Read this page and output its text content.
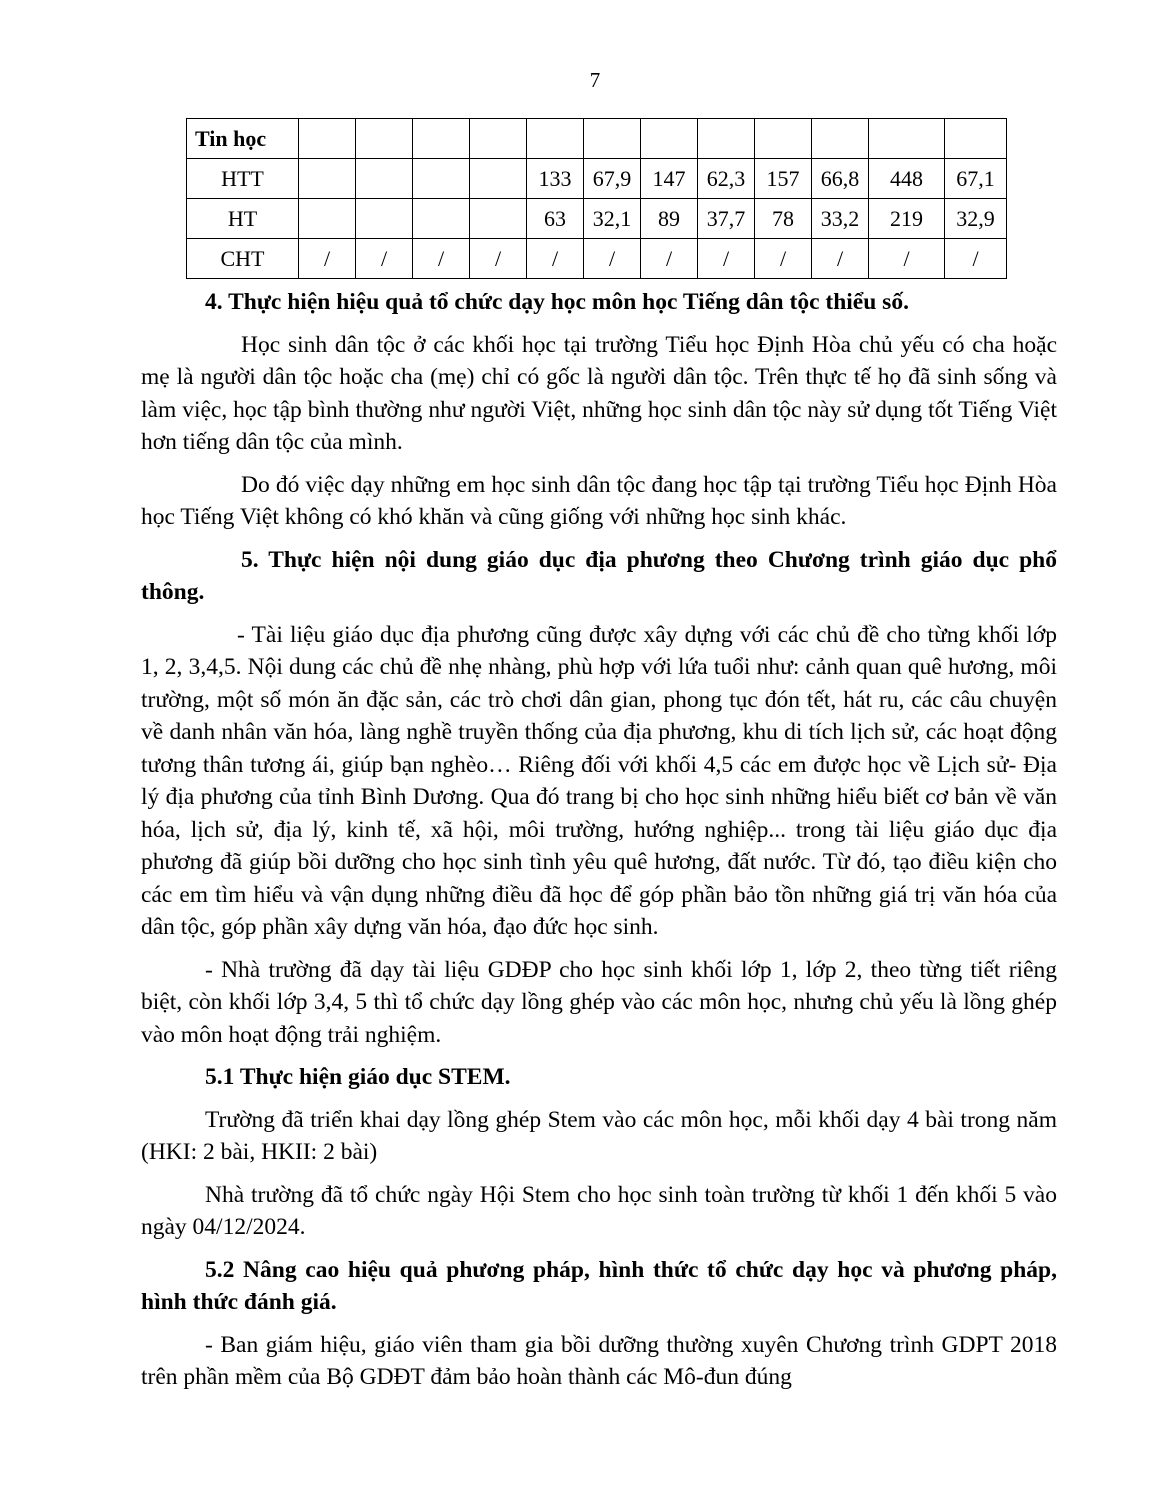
7
Tin học												
HTT					133	67,9	147	62,3	157	66,8	448	67,1
HT					63	32,1	89	37,7	78	33,2	219	32,9
CHT	/	/	/	/	/	/	/	/	/	/	/	/

4. Thực hiện hiệu quả tổ chức dạy học môn học Tiếng dân tộc thiểu số.

Học sinh dân tộc ở các khối học tại trường Tiểu học Định Hòa chủ yếu có cha hoặc mẹ là người dân tộc hoặc cha (mẹ) chỉ có gốc là người dân tộc. Trên thực tế họ đã sinh sống và làm việc, học tập bình thường như người Việt, những học sinh dân tộc này sử dụng tốt Tiếng Việt hơn tiếng dân tộc của mình.

Do đó việc dạy những em học sinh dân tộc đang học tập tại trường Tiểu học Định Hòa học Tiếng Việt không có khó khăn và cũng giống với những học sinh khác.

5. Thực hiện nội dung giáo dục địa phương theo Chương trình giáo dục phổ thông.

- Tài liệu giáo dục địa phương cũng được xây dựng với các chủ đề cho từng khối lớp 1, 2, 3,4,5. Nội dung các chủ đề nhẹ nhàng, phù hợp với lứa tuổi như: cảnh quan quê hương, môi trường, một số món ăn đặc sản, các trò chơi dân gian, phong tục đón tết, hát ru, các câu chuyện về danh nhân văn hóa, làng nghề truyền thống của địa phương, khu di tích lịch sử, các hoạt động tương thân tương ái, giúp bạn nghèo… Riêng đối với khối 4,5 các em được học về Lịch sử- Địa lý địa phương của tỉnh Bình Dương. Qua đó trang bị cho học sinh những hiểu biết cơ bản về văn hóa, lịch sử, địa lý, kinh tế, xã hội, môi trường, hướng nghiệp... trong tài liệu giáo dục địa phương đã giúp bồi dưỡng cho học sinh tình yêu quê hương, đất nước. Từ đó, tạo điều kiện cho các em tìm hiểu và vận dụng những điều đã học để góp phần bảo tồn những giá trị văn hóa của dân tộc, góp phần xây dựng văn hóa, đạo đức học sinh.

- Nhà trường đã dạy tài liệu GDĐP cho học sinh khối lớp 1, lớp 2, theo từng tiết riêng biệt, còn khối lớp 3,4, 5 thì tổ chức dạy lồng ghép vào các môn học, nhưng chủ yếu là lồng ghép vào môn hoạt động trải nghiệm.

5.1 Thực hiện giáo dục STEM.

Trường đã triển khai dạy lồng ghép Stem vào các môn học, mỗi khối dạy 4 bài trong năm (HKI: 2 bài, HKII: 2 bài)

Nhà trường đã tổ chức ngày Hội Stem cho học sinh toàn trường từ khối 1 đến khối 5 vào ngày 04/12/2024.

5.2 Nâng cao hiệu quả phương pháp, hình thức tổ chức dạy học và phương pháp, hình thức đánh giá.

- Ban giám hiệu, giáo viên tham gia bồi dưỡng thường xuyên Chương trình GDPT 2018 trên phần mềm của Bộ GDĐT đảm bảo hoàn thành các Mô-đun đúng
